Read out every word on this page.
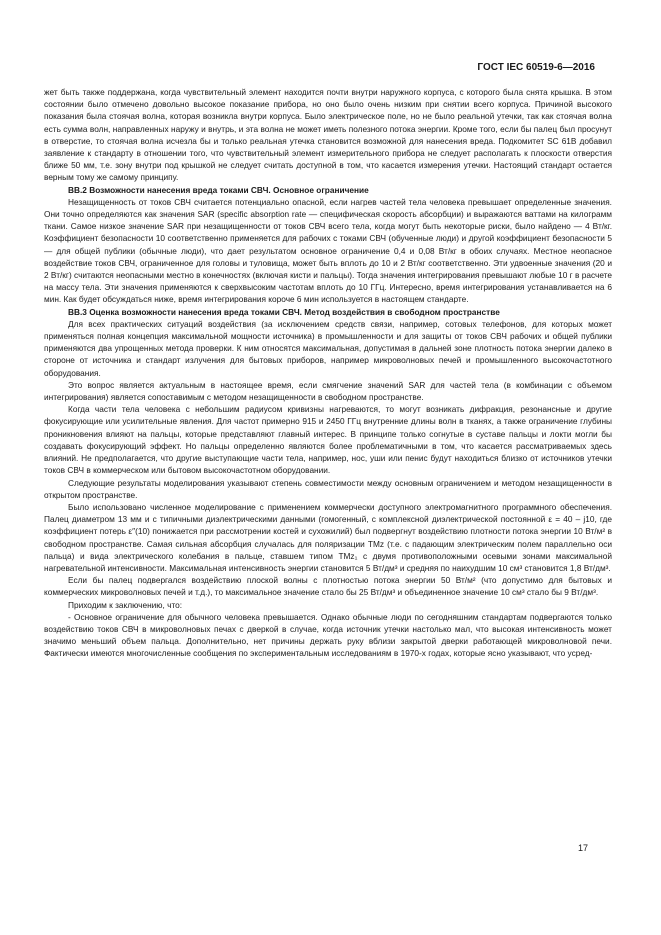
ГОСТ IEC 60519-6—2016

жет быть также поддержана, когда чувствительный элемент находится почти внутри наружного корпуса, с которого была снята крышка. В этом состоянии было отмечено довольно высокое показание прибора, но оно было очень низким при снятии всего корпуса. Причиной высокого показания была стоячая волна, которая возникла внутри корпуса. Было электрическое поле, но не было реальной утечки, так как стоячая волна есть сумма волн, направленных наружу и внутрь, и эта волна не может иметь полезного потока энергии. Кроме того, если бы палец был просунут в отверстие, то стоячая волна исчезла бы и только реальная утечка становится возможной для нанесения вреда. Подкомитет SC 61B добавил заявление к стандарту в отношении того, что чувствительный элемент измерительного прибора не следует располагать к плоскости отверстия ближе 50 мм, т.е. зону внутри под крышкой не следует считать доступной в том, что касается измерения утечки. Настоящий стандарт остается верным тому же самому принципу.

ВВ.2 Возможности нанесения вреда токами СВЧ. Основное ограничение

Незащищенность от токов СВЧ считается потенциально опасной, если нагрев частей тела человека превышает определенные значения. Они точно определяются как значения SAR (specific absorption rate — специфическая скорость абсорбции) и выражаются ваттами на килограмм ткани. Самое низкое значение SAR при незащищенности от токов СВЧ всего тела, когда могут быть некоторые риски, было найдено — 4 Вт/кг. Коэффициент безопасности 10 соответственно применяется для рабочих с токами СВЧ (обученные люди) и другой коэффициент безопасности 5 — для общей публики (обычные люди), что дает результатом основное ограничение 0,4 и 0,08 Вт/кг в обоих случаях. Местное неопасное воздействие токов СВЧ, ограниченное для головы и туловища, может быть вплоть до 10 и 2 Вт/кг соответственно. Эти удвоенные значения (20 и 2 Вт/кг) считаются неопасными местно в конечностях (включая кисти и пальцы). Тогда значения интегрирования превышают любые 10 г в расчете на массу тела. Эти значения применяются к сверхвысоким частотам вплоть до 10 ГГц. Интересно, время интегрирования устанавливается на 6 мин. Как будет обсуждаться ниже, время интегрирования короче 6 мин используется в настоящем стандарте.

ВВ.3 Оценка возможности нанесения вреда токами СВЧ. Метод воздействия в свободном пространстве

Для всех практических ситуаций воздействия (за исключением средств связи, например, сотовых телефонов, для которых может применяться полная концепция максимальной мощности источника) в промышленности и для защиты от токов СВЧ рабочих и общей публики применяются два упрощенных метода проверки. К ним относятся максимальная, допустимая в дальней зоне плотность потока энергии далеко в стороне от источника и стандарт излучения для бытовых приборов, например микроволновых печей и промышленного высокочастотного оборудования.

Это вопрос является актуальным в настоящее время, если смягчение значений SAR для частей тела (в комбинации с объемом интегрирования) является сопоставимым с методом незащищенности в свободном пространстве.

Когда части тела человека с небольшим радиусом кривизны нагреваются, то могут возникать дифракция, резонансные и другие фокусирующие или усилительные явления. Для частот примерно 915 и 2450 ГГц внутренние длины волн в тканях, а также ограничение глубины проникновения влияют на пальцы, которые представляют главный интерес. В принципе только согнутые в суставе пальцы и локти могли бы создавать фокусирующий эффект. Но пальцы определенно являются более проблематичными в том, что касается рассматриваемых здесь влияний. Не предполагается, что другие выступающие части тела, например, нос, уши или пенис будут находиться близко от источников утечки токов СВЧ в коммерческом или бытовом высокочастотном оборудовании.

Следующие результаты моделирования указывают степень совместимости между основным ограничением и методом незащищенности в открытом пространстве.

Было использовано численное моделирование с применением коммерчески доступного электромагнитного программного обеспечения. Палец диаметром 13 мм и с типичными диэлектрическими данными (гомогенный, с комплексной диэлектрической постоянной ε = 40 – j10, где коэффициент потерь ε″(10) понижается при рассмотрении костей и сухожилий) был подвергнут воздействию плотности потока энергии 10 Вт/м² в свободном пространстве. Самая сильная абсорбция случалась для поляризации TMz (т.е. с падающим электрическим полем параллельно оси пальца) и вида электрического колебания в пальце, ставшем типом TMz₁ с двумя противоположными осевыми зонами максимальной нагревательной интенсивности. Максимальная интенсивность энергии становится 5 Вт/дм³ и средняя по наихудшим 10 см³ становится 1,8 Вт/дм³.

Если бы палец подвергался воздействию плоской волны с плотностью потока энергии 50 Вт/м² (что допустимо для бытовых и коммерческих микроволновых печей и т.д.), то максимальное значение стало бы 25 Вт/дм³ и объединенное значение 10 см³ стало бы 9 Вт/дм³.

Приходим к заключению, что:

- Основное ограничение для обычного человека превышается. Однако обычные люди по сегодняшним стандартам подвергаются только воздействию токов СВЧ в микроволновых печах с дверкой в случае, когда источник утечки настолько мал, что высокая интенсивность может значимо меньший объем пальца. Дополнительно, нет причины держать руку вблизи закрытой дверки работающей микроволновой печи. Фактически имеются многочисленные сообщения по экспериментальным исследованиям в 1970-х годах, которые ясно указывают, что усред-

17
